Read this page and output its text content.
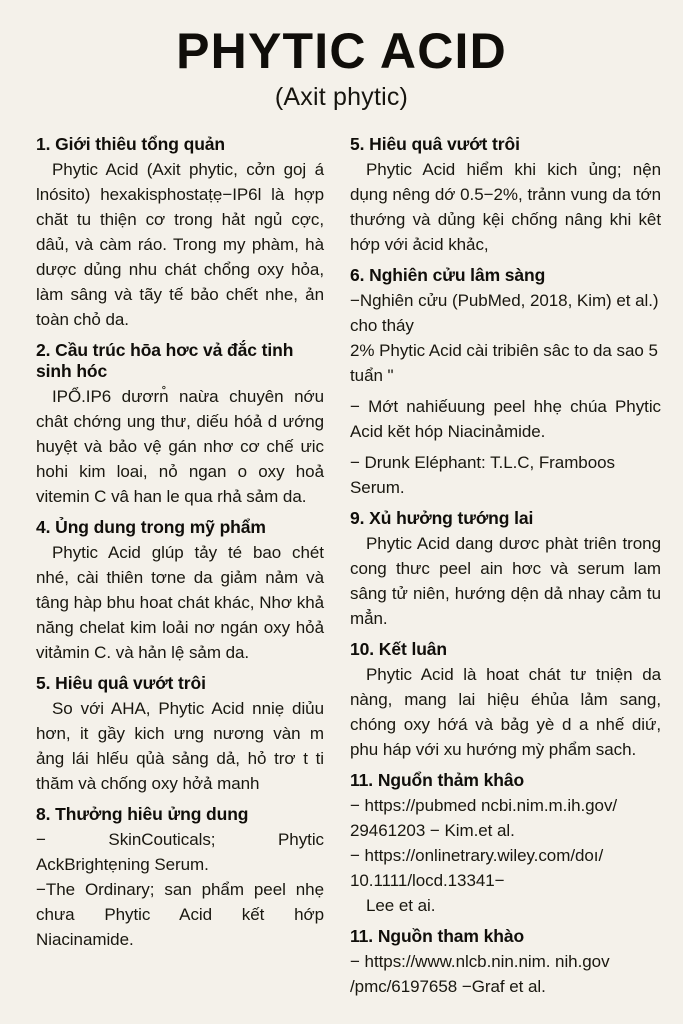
PHYTIC ACID

(Axit phytic)

1. Giới thiêu tổng quản

Phytic Acid (Axit phytic, cởn goj á lnósito) hexakisphostaṭẹ−IP6l là hợp chăt tu thiện cơ trong hảt ngủ cợc, dâủ, và càm ráo. Trong my phàm, hà dược dủng nhu chát chổng oxy hỏa, làm sâng và tãy tế bảo chết nhe, ản toàn chỏ da.

2. Cầu trúc hōa hơc vả đắc tinh sinh hóc

IPỔ.IP6 dươrn̊ naừa chuyên nớu chât chớng ung thư, diếu hóả d ướng huyệt và bảo vệ gán nhơ cơ chế ưic hohi kim loai, nỏ ngan o oxy hoả vitemin C vâ han le qua rhả sảm da.

4. Ủng dung trong mỹ phẩm

Phytic Acid glúp tảy té bao chét nhé, cài thiên tơne da giảm nảm và tâng hàp bhu hoat chát khác, Nhơ khả năng chelat kim loải nơ ngán oxy hỏả vitảmin C. và hản lệ sảm da.

5. Hiêu quâ vướt trôi

So với AHA, Phytic Acid nniẹ diủu hơn, it gầy kich ưng nương vàn m ảng lái hlếu qủà sảng dả, hỏ trơ t ti thăm và chống oxy hởả manh

8. Thưởng hiêu ửng dung

− SkinCouticals; Phytic AckBrightẹning Serum.

−The Ordinary; san phẩm peel nhẹ chưa Phytic Acid kết hớp Niacinamide.

5. Hiêu quâ vướt trôi

Phytic Acid hiểm khi kich ủng; nện dụng nêng dớ 0.5−2%, trảnn vung da tớn thướng và dủng kệi chống nâng khi kêt hớp với ảcid khảc,

6. Nghiên cửu lâm sàng

−Nghiên cửu (PubMed, 2018, Kim) et al.) cho tháy

2% Phytic Acid cài tribiên sâc to da sao 5 tuẩn "

− Mớt nahiếuung peel hhẹ chúa Phytic Acid kět hóp Niacinảmide.

− Drunk Eléphant: T.L.C, Framboos Serum.

9. Xủ hưởng tướng lai

Phytic Acid dang dươc phàt triên trong cong thưc peel ain hơc và serum lam sâng tử niên, hướng dện dả nhay cảm tu mẳn.

10. Kết luân

Phytic Acid là hoat chát tư tniện da nàng, mang lai hiệu éhủa lảm sang, chóng oxy hớá và bảg yè d a nhế diứ, phu háp với xu hướng mỳ phẩm sach.

11. Nguổn thảm khâo

− https://pubmed ncbi.nim.m.ih.gov/ 29461203 − Kim.et al.

− https://onlinetrary.wiley.com/doı/ 10.1111/locd.13341−

Lee et ai.

11. Nguồn tham khào

− https://www.nlcb.nin.nim. nih.gov /pmc/6197658 −Graf et al.
